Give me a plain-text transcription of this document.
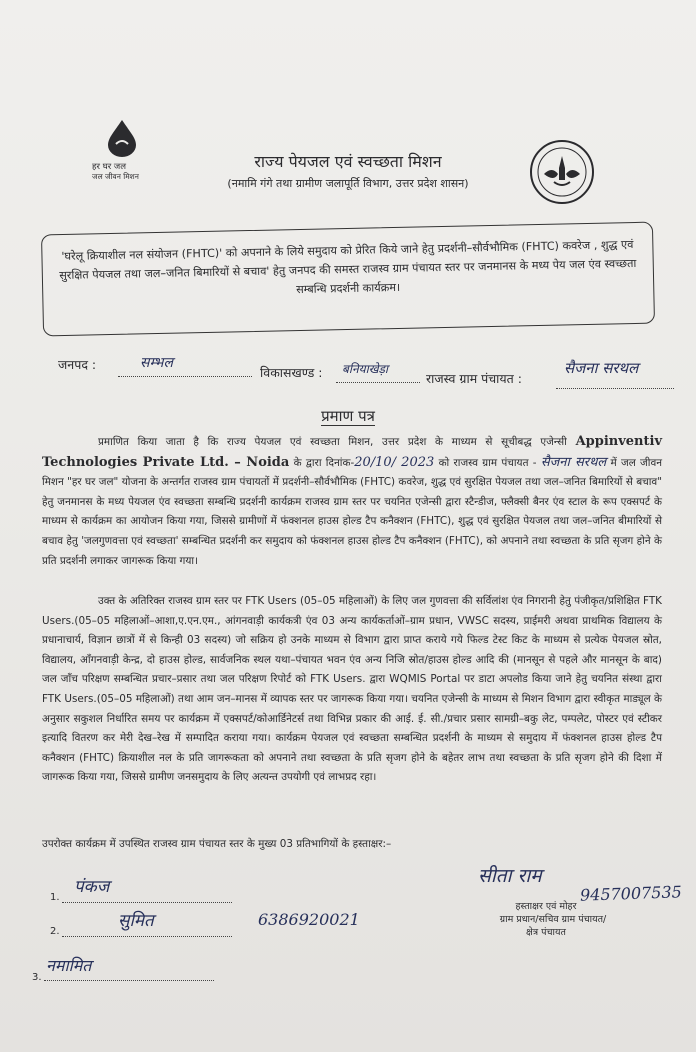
हर घर जल
जल जीवन मिशन
राज्य पेयजल एवं स्वच्छता मिशन
(नमामि गंगे तथा ग्रामीण जलापूर्ति विभाग, उत्तर प्रदेश शासन)

'घरेलू क्रियाशील नल संयोजन (FHTC)' को अपनाने के लिये समुदाय को प्रेरित किये जाने हेतु प्रदर्शनी–सौर्वभौमिक (FHTC) कवरेज , शुद्ध एवं सुरक्षित पेयजल तथा जल–जनित बिमारियों से बचाव' हेतु जनपद की समस्त राजस्व ग्राम पंचायत स्तर पर जनमानस के मध्य पेय जल एंव स्वच्छता सम्बन्धि प्रदर्शनी कार्यक्रम।

जनपद :	सम्भल
विकासखण्ड :	$^{बनियाखेड़ा}$
राजस्व ग्राम पंचायत :
सैजना सरथल
प्रमाण पत्र

प्रमाणित किया जाता है कि राज्य पेयजल एवं स्वच्छता मिशन, उत्तर प्रदेश के माध्यम से सूचीबद्ध एजेन्सी Appinventiv Technologies Private Ltd. – Noida के द्वारा दिनांक-20/10/ 2023 को राजस्व ग्राम पंचायत - सैजना सरथल में जल जीवन मिशन "हर घर जल" योजना के अन्तर्गत राजस्व ग्राम पंचायतों में प्रदर्शनी–सौर्वभौमिक (FHTC) कवरेज, शुद्ध एवं सुरक्षित पेयजल तथा जल–जनित बिमारियों से बचाव" हेतु जनमानस के मध्य पेयजल एंव स्वच्छता सम्बन्धि प्रदर्शनी कार्यक्रम राजस्व ग्राम स्तर पर चयनित एजेन्सी द्वारा स्टैन्डीज, फ्लैक्सी बैनर एंव स्टाल के रूप एक्सपर्ट के माध्यम से कार्यक्रम का आयोजन किया गया, जिससे ग्रामीणों में फंक्शनल हाउस होल्ड टैप कनैक्शन (FHTC), शुद्ध एवं सुरक्षित पेयजल तथा जल–जनित बीमारियों से बचाव हेतु 'जलगुणवत्ता एवं स्वच्छता' सम्बन्धित प्रदर्शनी कर समुदाय को फंक्शनल हाउस होल्ड टैप कनैक्शन (FHTC), को अपनाने तथा स्वच्छता के प्रति सृजग होने के प्रति प्रदर्शनी लगाकर जागरूक किया गया।

उक्त के अतिरिक्त राजस्व ग्राम स्तर पर FTK Users (05–05 महिलाओं) के लिए जल गुणवत्ता की सर्विलांश एंव निगरानी हेतु पंजीकृत/प्रशिक्षित FTK Users.(05–05 महिलाओं–आशा,ए.एन.एम., आंगनवाड़ी कार्यकत्री एंव 03 अन्य कार्यकर्ताओं–ग्राम प्रधान, VWSC सदस्य, प्राईमरी अथवा प्राथमिक विद्यालय के प्रधानाचार्य, विज्ञान छात्रों में से किन्ही 03 सदस्य) जो सक्रिय हो उनके माध्यम से विभाग द्वारा प्राप्त कराये गये फिल्ड टेस्ट किट के माध्यम से प्रत्येक पेयजल स्रोत, विद्यालय, आँगनवाड़ी केन्द्र, दो हाउस होल्ड, सार्वजनिक स्थल यथा–पंचायत भवन एंव अन्य निजि स्रोत/हाउस होल्ड आदि की (मानसून से पहले और मानसून के बाद) जल जाँच परिक्षण सम्बन्धित प्रचार–प्रसार तथा जल परिक्षण रिपोर्ट को FTK Users. द्वारा WQMIS Portal पर डाटा अपलोड किया जाने हेतु चयनित संस्था द्वारा FTK Users.(05–05 महिलाओं) तथा आम जन–मानस में व्यापक स्तर पर जागरूक किया गया। चयनित एजेन्सी के माध्यम से मिशन विभाग द्वारा स्वीकृत माड्यूल के अनुसार सकुशल निर्धारित समय पर कार्यक्रम में एक्सपर्ट/कोआर्डिनेटर्स तथा विभिन्न प्रकार की आई. ई. सी./प्रचार प्रसार सामग्री–बकु लेट, पम्पलेट, पोस्टर एवं स्टीकर इत्यादि वितरण कर मेरी देख–रेख में सम्पादित कराया गया। कार्यक्रम पेयजल एवं स्वच्छता सम्बन्धित प्रदर्शनी के माध्यम से समुदाय में फंक्शनल हाउस होल्ड टैप कनैक्शन (FHTC) क्रियाशील नल के प्रति जागरूकता को अपनाने तथा स्वच्छता के प्रति सृजग होने के बहेतर लाभ तथा स्वच्छता के प्रति सृजग होने की दिशा में जागरूक किया गया, जिससे ग्रामीण जनसमुदाय के लिए अत्यन्त उपयोगी एवं लाभप्रद रहा।

उपरोक्त कार्यक्रम में उपस्थित राजस्व ग्राम पंचायत स्तर के मुख्य 03 प्रतिभागियों के हस्ताक्षर:–
1.
पंकज
2.
सुमित	6386920021
3.
नमामित
सीता राम
9457007535
हस्ताक्षर एवं मोहर
ग्राम प्रधान/सचिव ग्राम पंचायत/
क्षेत्र पंचायत
